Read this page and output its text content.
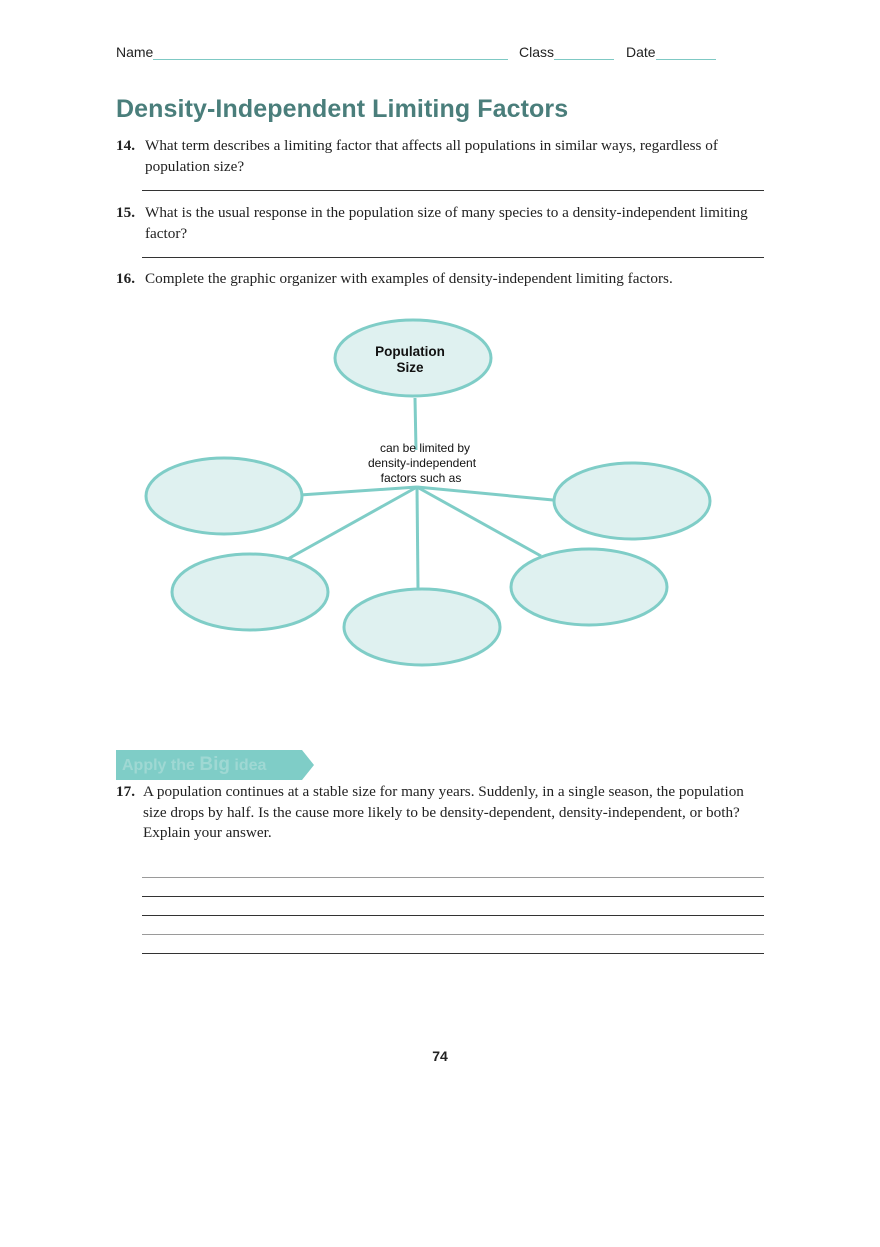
Name	Class	Date
Density-Independent Limiting Factors
14. What term describes a limiting factor that affects all populations in similar ways, regardless of population size?
15. What is the usual response in the population size of many species to a density-independent limiting factor?
16. Complete the graphic organizer with examples of density-independent limiting factors.
Population
Size
can be limited by
density-independent
factors such as
Apply the Big idea
17. A population continues at a stable size for many years. Suddenly, in a single season, the population size drops by half. Is the cause more likely to be density-dependent, density-independent, or both? Explain your answer.
74
